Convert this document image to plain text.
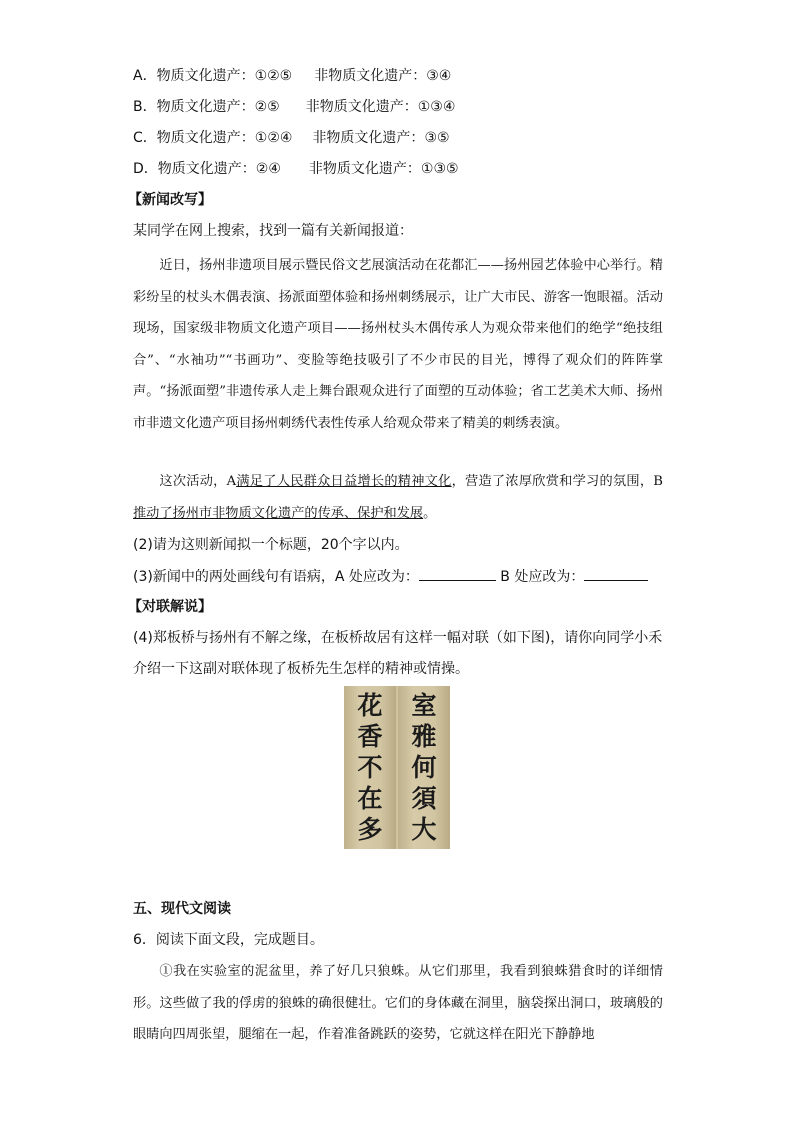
A．物质文化遗产：①②⑤ 非物质文化遗产：③④
B．物质文化遗产：②⑤ 非物质文化遗产：①③④
C．物质文化遗产：①②④ 非物质文化遗产：③⑤
D．物质文化遗产：②④ 非物质文化遗产：①③⑤
【新闻改写】
某同学在网上搜索，找到一篇有关新闻报道：

近日，扬州非遗项目展示暨民俗文艺展演活动在花都汇——扬州园艺体验中心举行。精彩纷呈的杖头木偶表演、扬派面塑体验和扬州刺绣展示，让广大市民、游客一饱眼福。活动现场，国家级非物质文化遗产项目——扬州杖头木偶传承人为观众带来他们的绝学“绝技组合”、“水袖功”“书画功”、变脸等绝技吸引了不少市民的目光，博得了观众们的阵阵掌声。“扬派面塑”非遗传承人走上舞台跟观众进行了面塑的互动体验；省工艺美术大师、扬州市非遗文化遗产项目扬州刺绣代表性传承人给观众带来了精美的刺绣表演。

这次活动，A满足了人民群众日益增长的精神文化，营造了浓厚欣赏和学习的氛围，B推动了扬州市非物质文化遗产的传承、保护和发展。

(2)请为这则新闻拟一个标题，20个字以内。
(3)新闻中的两处画线句有语病，A 处应改为：	B 处应改为：
【对联解说】
(4)郑板桥与扬州有不解之缘，在板桥故居有这样一幅对联（如下图)，请你向同学小禾
介绍一下这副对联体现了板桥先生怎样的精神或情操。
花
香
不
在
多
室
雅
何
須
大
五、现代文阅读
6．阅读下面文段，完成题目。

①我在实验室的泥盆里，养了好几只狼蛛。从它们那里，我看到狼蛛猎食时的详细情形。这些做了我的俘虏的狼蛛的确很健壮。它们的身体藏在洞里，脑袋探出洞口，玻璃般的眼睛向四周张望，腿缩在一起，作着准备跳跃的姿势，它就这样在阳光下静静地
